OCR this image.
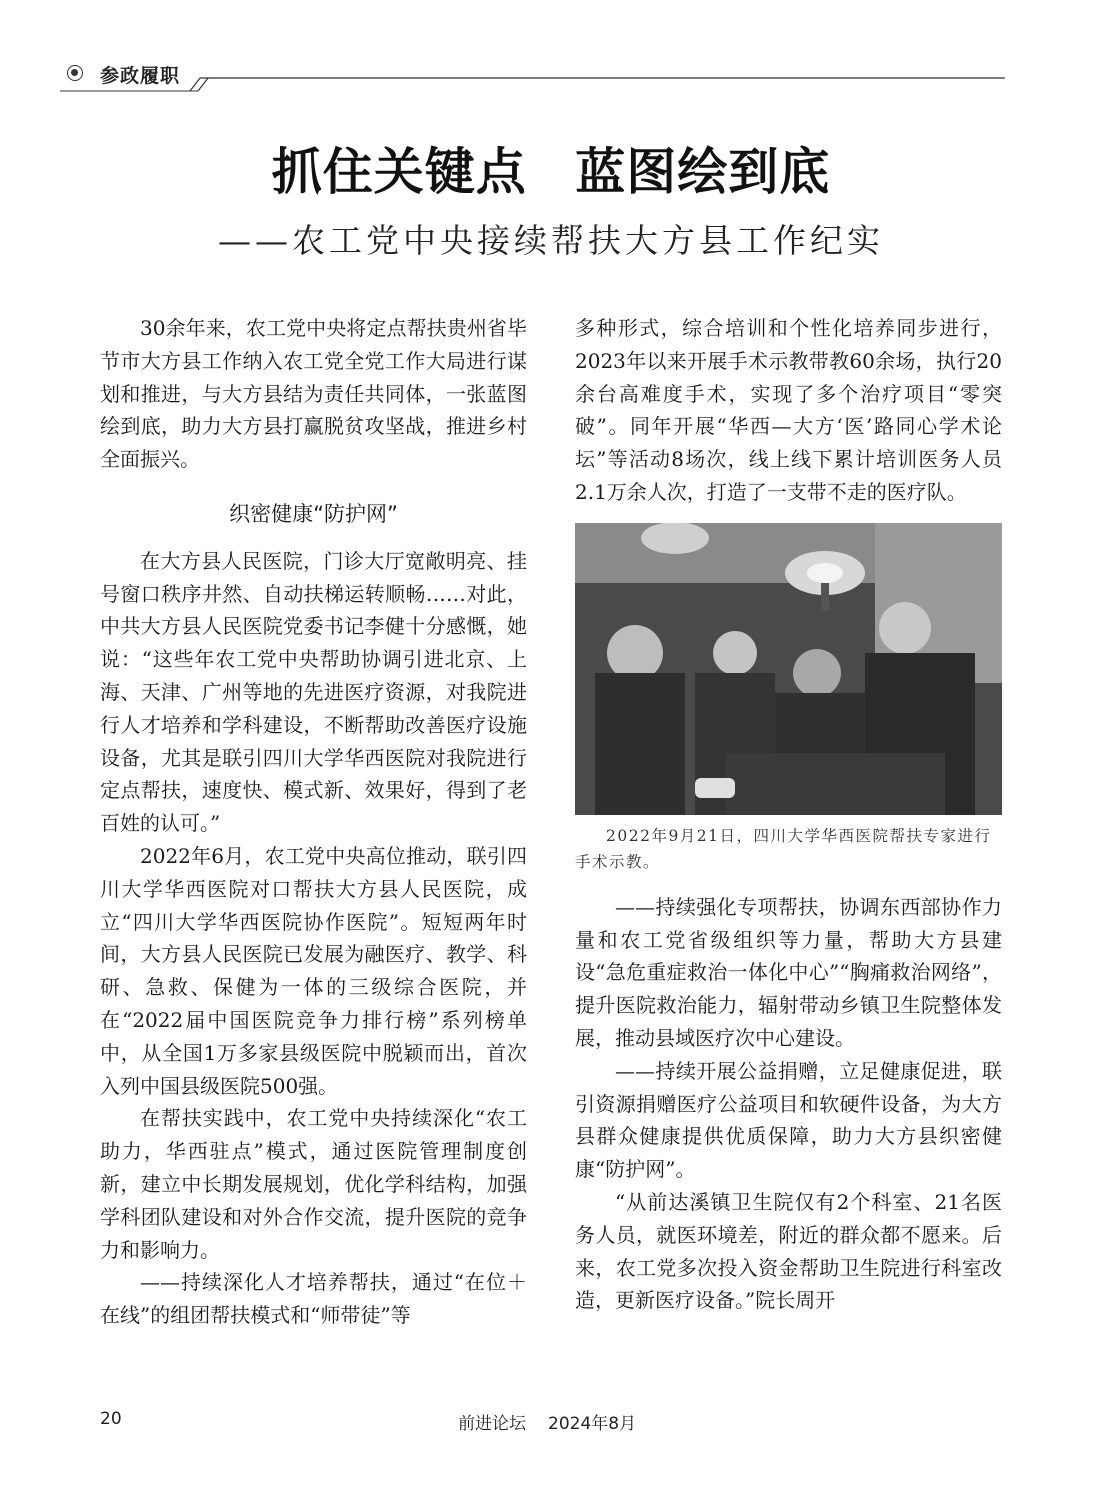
参政履职
抓住关键点 蓝图绘到底
——农工党中央接续帮扶大方县工作纪实

30余年来，农工党中央将定点帮扶贵州省毕节市大方县工作纳入农工党全党工作大局进行谋划和推进，与大方县结为责任共同体，一张蓝图绘到底，助力大方县打赢脱贫攻坚战，推进乡村全面振兴。

织密健康“防护网”

在大方县人民医院，门诊大厅宽敞明亮、挂号窗口秩序井然、自动扶梯运转顺畅……对此，中共大方县人民医院党委书记李健十分感慨，她说：“这些年农工党中央帮助协调引进北京、上海、天津、广州等地的先进医疗资源，对我院进行人才培养和学科建设，不断帮助改善医疗设施设备，尤其是联引四川大学华西医院对我院进行定点帮扶，速度快、模式新、效果好，得到了老百姓的认可。”

2022年6月，农工党中央高位推动，联引四川大学华西医院对口帮扶大方县人民医院，成立“四川大学华西医院协作医院”。短短两年时间，大方县人民医院已发展为融医疗、教学、科研、急救、保健为一体的三级综合医院，并在“2022届中国医院竞争力排行榜”系列榜单中，从全国1万多家县级医院中脱颖而出，首次入列中国县级医院500强。

在帮扶实践中，农工党中央持续深化“农工助力，华西驻点”模式，通过医院管理制度创新，建立中长期发展规划，优化学科结构，加强学科团队建设和对外合作交流，提升医院的竞争力和影响力。

——持续深化人才培养帮扶，通过“在位＋在线”的组团帮扶模式和“师带徒”等

多种形式，综合培训和个性化培养同步进行，2023年以来开展手术示教带教60余场，执行20余台高难度手术，实现了多个治疗项目“零突破”。同年开展“华西—大方‘医’路同心学术论坛”等活动8场次，线上线下累计培训医务人员2.1万余人次，打造了一支带不走的医疗队。

2022年9月21日，四川大学华西医院帮扶专家进行手术示教。

——持续强化专项帮扶，协调东西部协作力量和农工党省级组织等力量，帮助大方县建设“急危重症救治一体化中心”“胸痛救治网络”，提升医院救治能力，辐射带动乡镇卫生院整体发展，推动县域医疗次中心建设。

——持续开展公益捐赠，立足健康促进，联引资源捐赠医疗公益项目和软硬件设备，为大方县群众健康提供优质保障，助力大方县织密健康“防护网”。

“从前达溪镇卫生院仅有2个科室、21名医务人员，就医环境差，附近的群众都不愿来。后来，农工党多次投入资金帮助卫生院进行科室改造，更新医疗设备。”院长周开

20	前进论坛 2024年8月
